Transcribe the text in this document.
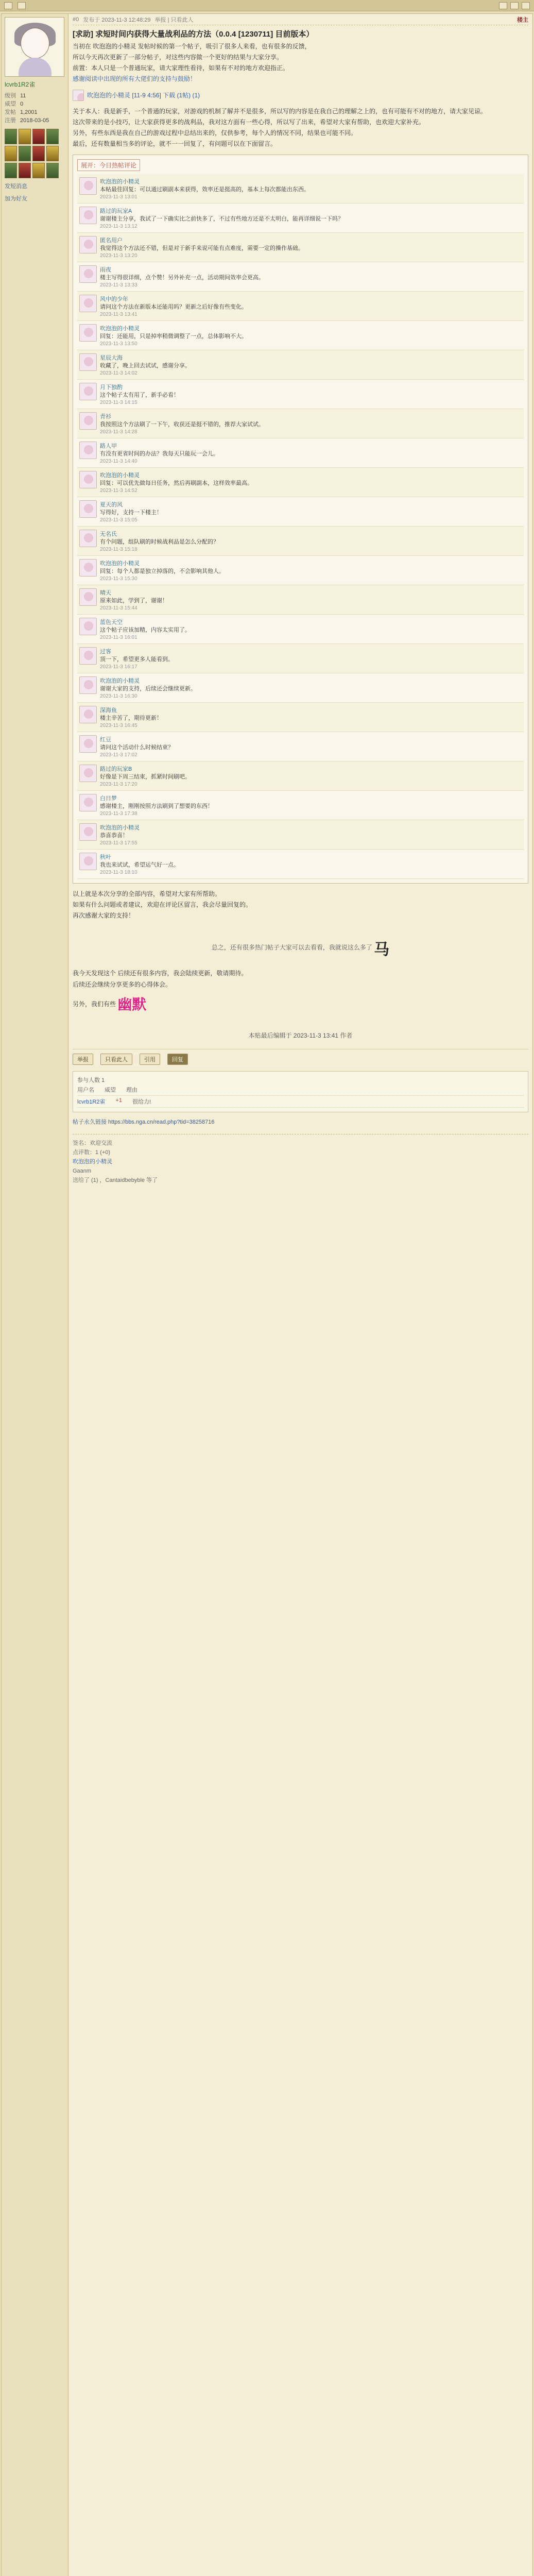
lcvrb1R2雀
级别 11
威望 0
发帖 1,2001
注册 2018-03-05
发短消息
加为好友
#0 发布于 2023-11-3 12:48:29 举报 | 只看此人	楼主
[求助] 求短时间内获得大量战利品的方法（0.0.4 [1230711] 目前版本）

当初在 吹泡泡的小精灵 发帖时候的第一个帖子，吸引了很多人来看，也有很多的反馈，

所以今天再次更新了一部分帖子，对这些内容做一个更好的结果与大家分享。

前置：本人只是一个普通玩家，请大家理性看待，如果有不对的地方欢迎指正。

感谢阅读中出现的所有大佬们的支持与鼓励！

吹泡泡的小精灵 [11-9 4:56] 下载 (1帖) (1)

关于本人：我是新手，一个普通的玩家，对游戏的机制了解并不是很多，所以写的内容是在我自己的理解之上的，也有可能有不对的地方，请大家见谅。

这次带来的是小技巧，让大家获得更多的战利品，我对这方面有一些心得，所以写了出来，希望对大家有帮助，也欢迎大家补充。

另外，有些东西是我在自己的游戏过程中总结出来的，仅供参考，每个人的情况不同，结果也可能不同。

最后，还有数量相当多的评论，就不一一回复了，有问题可以在下面留言。

展开：今日热帖评论
吹泡泡的小精灵
本帖最佳回复：可以通过刷副本来获得，效率还是挺高的，基本上每次都能出东西。
2023-11-3 13:01
路过的玩家A
谢谢楼主分享，我试了一下确实比之前快多了，不过有些地方还是不太明白，能再详细说一下吗？
2023-11-3 13:12
匿名用户
我觉得这个方法还不错，但是对于新手来说可能有点难度，需要一定的操作基础。
2023-11-3 13:20
雨夜
楼主写得很详细，点个赞！另外补充一点，活动期间效率会更高。
2023-11-3 13:33
风中的少年
请问这个方法在新版本还能用吗？更新之后好像有些变化。
2023-11-3 13:41
吹泡泡的小精灵
回复：还能用，只是掉率稍微调整了一点，总体影响不大。
2023-11-3 13:50
星辰大海
收藏了，晚上回去试试，感谢分享。
2023-11-3 14:02
月下独酌
这个帖子太有用了，新手必看！
2023-11-3 14:15
青衫
我按照这个方法刷了一下午，收获还是挺不错的，推荐大家试试。
2023-11-3 14:28
路人甲
有没有更省时间的办法？我每天只能玩一会儿。
2023-11-3 14:40
吹泡泡的小精灵
回复：可以优先做每日任务，然后再刷副本，这样效率最高。
2023-11-3 14:52
夏天的风
写得好，支持一下楼主！
2023-11-3 15:05
无名氏
有个问题，组队刷的时候战利品是怎么分配的？
2023-11-3 15:18
吹泡泡的小精灵
回复：每个人都是独立掉落的，不会影响其他人。
2023-11-3 15:30
晴天
原来如此，学到了，谢谢！
2023-11-3 15:44
蓝色天空
这个帖子应该加精，内容太实用了。
2023-11-3 16:01
过客
顶一下，希望更多人能看到。
2023-11-3 16:17
吹泡泡的小精灵
谢谢大家的支持，后续还会继续更新。
2023-11-3 16:30
深海鱼
楼主辛苦了，期待更新！
2023-11-3 16:45
红豆
请问这个活动什么时候结束？
2023-11-3 17:02
路过的玩家B
好像是下周三结束，抓紧时间刷吧。
2023-11-3 17:20
白日梦
感谢楼主，刚刚按照方法刷到了想要的东西！
2023-11-3 17:38
吹泡泡的小精灵
恭喜恭喜！
2023-11-3 17:55
秋叶
我也来试试，希望运气好一点。
2023-11-3 18:10

以上就是本次分享的全部内容，希望对大家有所帮助。

如果有什么问题或者建议，欢迎在评论区留言，我会尽量回复的。

再次感谢大家的支持！

总之，还有很多热门帖子大家可以去看看，我就说这么多了 马

我今天发现这个 后续还有很多内容，我会陆续更新，敬请期待。

后续还会继续分享更多的心得体会。

另外，我们有些 幽默
本贴最后编辑于 2023-11-3 13:41 作者
举报	只看此人	引用	回复
参与人数 1
用户名 威望 理由
lcvrb1R2雀 +1 很给力!
帖子永久链接 https://bbs.nga.cn/read.php?tid=38258716
签名：欢迎交流
点评数：1 (+0)
吹泡泡的小精灵
Gaanm
送给了 (1) ，Cantaidbebyble 等了
